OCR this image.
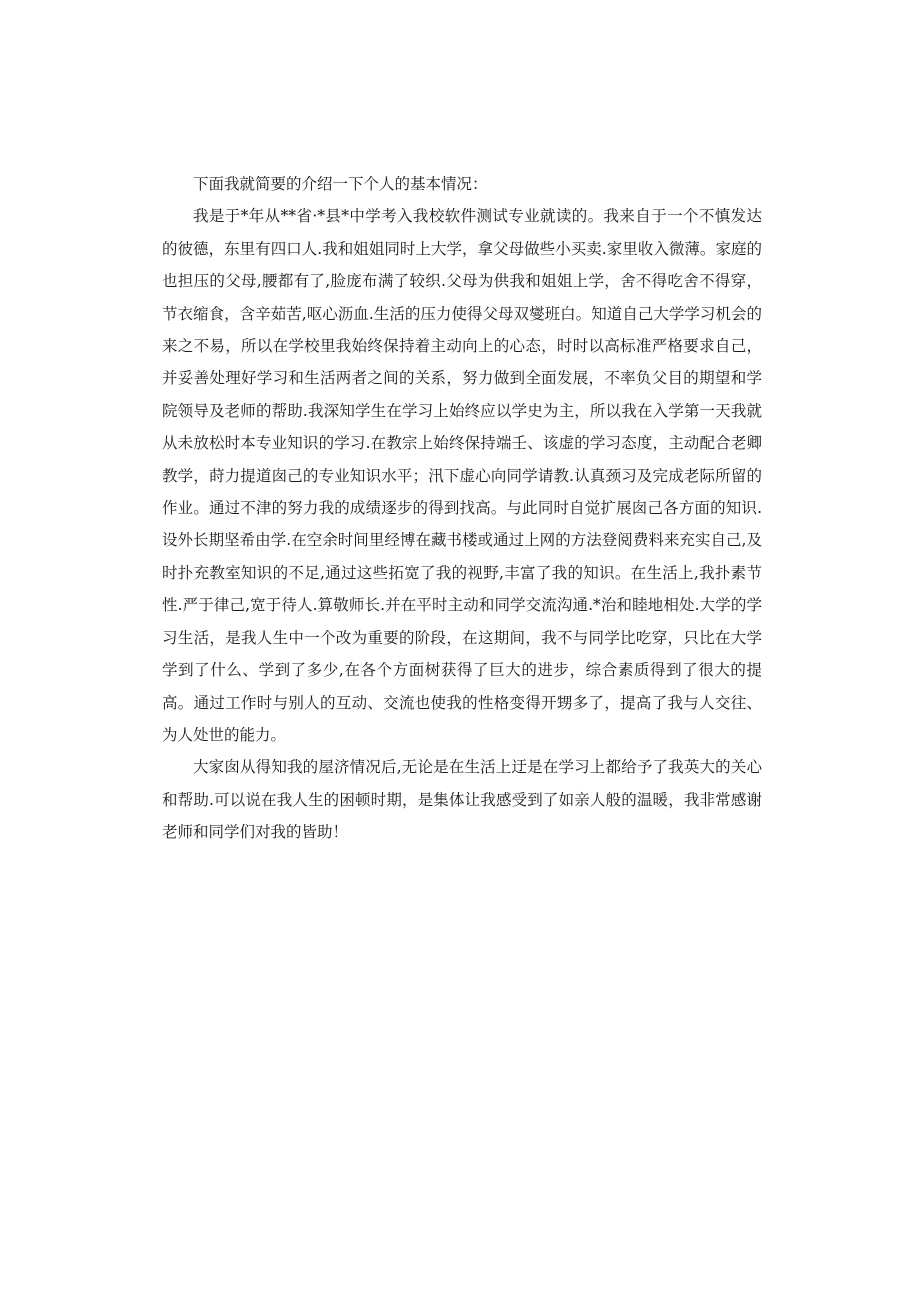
下面我就简要的介绍一下个人的基本情况：

我是于*年从**省·*县*中学考入我校软件测试专业就读的。我来自于一个不慎发达的彼德，东里有四口人.我和姐姐同时上大学，拿父母做些小买卖.家里收入微薄。家庭的也担压的父母,腰都有了,脸庞布满了较织.父母为供我和姐姐上学，舍不得吃舍不得穿，节衣缩食，含辛茹苦,呕心沥血.生活的压力使得父母双燮班白。知道自己大学学习机会的来之不易，所以在学校里我始终保持着主动向上的心态，时时以高标准严格要求自己，并妥善处理好学习和生活两者之间的关系，努力做到全面发展，不率负父目的期望和学院领导及老师的帮助.我深知学生在学习上始终应以学史为主，所以我在入学第一天我就从未放松时本专业知识的学习.在教宗上始终保持端壬、该虚的学习态度，主动配合老卿教学，莳力提道囱己的专业知识水平；汛下虚心向同学请教.认真颈习及完成老际所留的作业。通过不津的努力我的成绩逐步的得到找高。与此同时自觉扩展囱己各方面的知识.设外长期坚希由学.在空余时间里经博在藏书楼或通过上网的方法登阅费料来充实自己,及时扑充教室知识的不足,通过这些拓宽了我的视野,丰富了我的知识。在生活上,我扑素节性.严于律己,宽于待人.算敬师长.并在平时主动和同学交流沟通.*治和睦地相处.大学的学习生活，是我人生中一个改为重要的阶段，在这期间，我不与同学比吃穿，只比在大学学到了什么、学到了多少,在各个方面树获得了巨大的进步，综合素质得到了很大的提高。通过工作时与别人的互动、交流也使我的性格变得开甥多了，提高了我与人交往、为人处世的能力。

大家囱从得知我的屋济情况后,无论是在生活上迂是在学习上都给予了我英大的关心和帮助.可以说在我人生的困顿时期，是集体让我感受到了如亲人般的温暖，我非常感谢老师和同学们对我的皆助！
